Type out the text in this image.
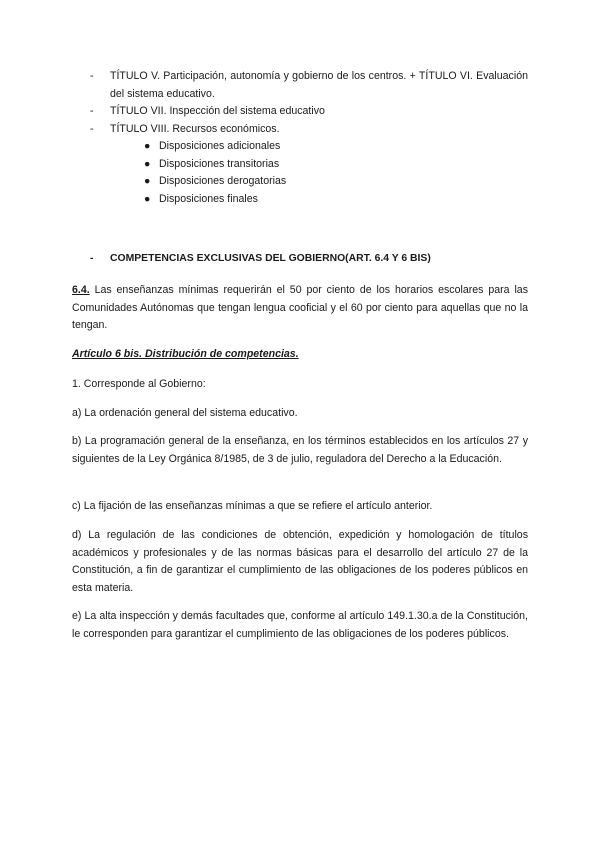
- TÍTULO V. Participación, autonomía y gobierno de los centros. + TÍTULO VI. Evaluación del sistema educativo.
- TÍTULO VII. Inspección del sistema educativo
- TÍTULO VIII. Recursos económicos.
● Disposiciones adicionales
● Disposiciones transitorias
● Disposiciones derogatorias
● Disposiciones finales
- COMPETENCIAS EXCLUSIVAS DEL GOBIERNO(ART. 6.4 Y 6 BIS)
6.4. Las enseñanzas mínimas requerirán el 50 por ciento de los horarios escolares para las Comunidades Autónomas que tengan lengua cooficial y el 60 por ciento para aquellas que no la tengan.
Artículo 6 bis. Distribución de competencias.
1. Corresponde al Gobierno:
a) La ordenación general del sistema educativo.
b) La programación general de la enseñanza, en los términos establecidos en los artículos 27 y siguientes de la Ley Orgánica 8/1985, de 3 de julio, reguladora del Derecho a la Educación.
c) La fijación de las enseñanzas mínimas a que se refiere el artículo anterior.
d) La regulación de las condiciones de obtención, expedición y homologación de títulos académicos y profesionales y de las normas básicas para el desarrollo del artículo 27 de la Constitución, a fin de garantizar el cumplimiento de las obligaciones de los poderes públicos en esta materia.
e) La alta inspección y demás facultades que, conforme al artículo 149.1.30.a de la Constitución, le corresponden para garantizar el cumplimiento de las obligaciones de los poderes públicos.
